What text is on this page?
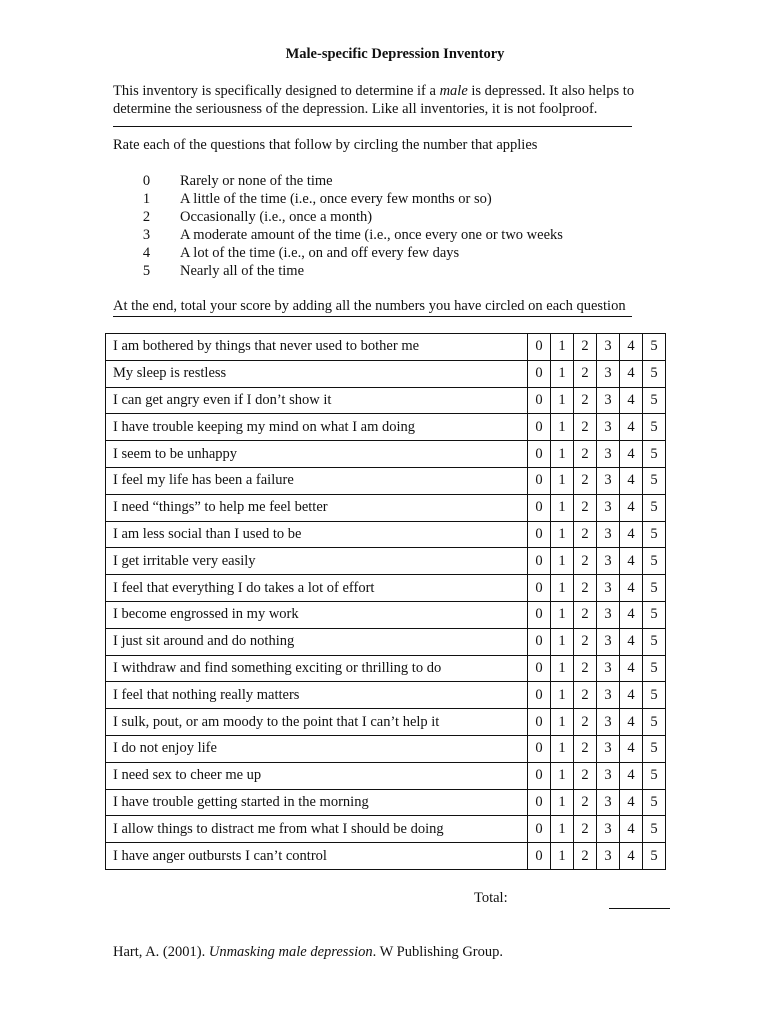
Male-specific Depression Inventory
This inventory is specifically designed to determine if a male is depressed. It also helps to determine the seriousness of the depression. Like all inventories, it is not foolproof.
Rate each of the questions that follow by circling the number that applies
0	Rarely or none of the time
1	A little of the time (i.e., once every few months or so)
2	Occasionally (i.e., once a month)
3	A moderate amount of the time (i.e., once every one or two weeks
4	A lot of the time (i.e., on and off every few days
5	Nearly all of the time
At the end, total your score by adding all the numbers you have circled on each question
I am bothered by things that never used to bother me	0	1	2	3	4	5
My sleep is restless	0	1	2	3	4	5
I can get angry even if I don’t show it	0	1	2	3	4	5
I have trouble keeping my mind on what I am doing	0	1	2	3	4	5
I seem to be unhappy	0	1	2	3	4	5
I feel my life has been a failure	0	1	2	3	4	5
I need “things” to help me feel better	0	1	2	3	4	5
I am less social than I used to be	0	1	2	3	4	5
I get irritable very easily	0	1	2	3	4	5
I feel that everything I do takes a lot of effort	0	1	2	3	4	5
I become engrossed in my work	0	1	2	3	4	5
I just sit around and do nothing	0	1	2	3	4	5
I withdraw and find something exciting or thrilling to do	0	1	2	3	4	5
I feel that nothing really matters	0	1	2	3	4	5
I sulk, pout, or am moody to the point that I can’t help it	0	1	2	3	4	5
I do not enjoy life	0	1	2	3	4	5
I need sex to cheer me up	0	1	2	3	4	5
I have trouble getting started in the morning	0	1	2	3	4	5
I allow things to distract me from what I should be doing	0	1	2	3	4	5
I have anger outbursts I can’t control	0	1	2	3	4	5
Total:
Hart, A. (2001). Unmasking male depression. W Publishing Group.
